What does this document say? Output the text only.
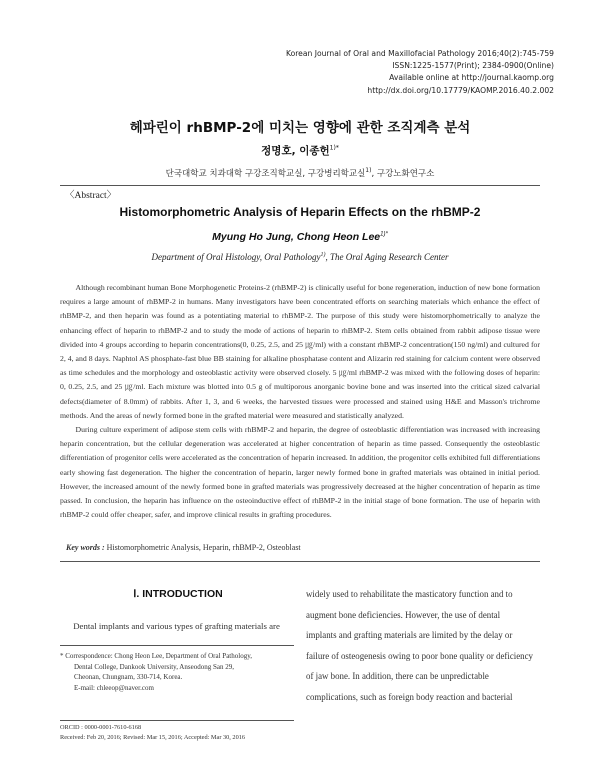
Korean Journal of Oral and Maxillofacial Pathology 2016;40(2):745-759
ISSN:1225-1577(Print); 2384-0900(Online)
Available online at http://journal.kaomp.org
http://dx.doi.org/10.17779/KAOMP.2016.40.2.002
헤파린이 rhBMP-2에 미치는 영향에 관한 조직계측 분석
정명호, 이종헌$^{1)*}$
단국대학교 치과대학 구강조직학교실, 구강병리학교실$^{1)}$, 구강노화연구소
〈Abstract〉
Histomorphometric Analysis of Heparin Effects on the rhBMP-2
Myung Ho Jung, Chong Heon Lee$^{1)*}$
Department of Oral Histology, Oral Pathology$^{1)}$, The Oral Aging Research Center

Although recombinant human Bone Morphogenetic Proteins-2 (rhBMP-2) is clinically useful for bone regeneration, induction of new bone formation requires a large amount of rhBMP-2 in humans. Many investigators have been concentrated efforts on searching materials which enhance the effect of rhBMP-2, and then heparin was found as a potentiating material to rhBMP-2. The purpose of this study were histomorphometrically to analyze the enhancing effect of heparin to rhBMP-2 and to study the mode of actions of heparin to rhBMP-2. Stem cells obtained from rabbit adipose tissue were divided into 4 groups according to heparin concentrations(0, 0.25, 2.5, and 25 ㎍/ml) with a constant rhBMP-2 concentration(150 ng/ml) and cultured for 2, 4, and 8 days. Naphtol AS phosphate-fast blue BB staining for alkaline phosphatase content and Alizarin red staining for calcium content were observed as time schedules and the morphology and osteoblastic activity were observed closely. 5 ㎍/ml rhBMP-2 was mixed with the following doses of heparin: 0, 0.25, 2.5, and 25 ㎍/ml. Each mixture was blotted into 0.5 g of multiporous anorganic bovine bone and was inserted into the critical sized calvarial defects(diameter of 8.0mm) of rabbits. After 1, 3, and 6 weeks, the harvested tissues were processed and stained using H&E and Masson's trichrome methods. And the areas of newly formed bone in the grafted material were measured and statistically analyzed.

During culture experiment of adipose stem cells with rhBMP-2 and heparin, the degree of osteoblastic differentiation was increased with increasing heparin concentration, but the cellular degeneration was accelerated at higher concentration of heparin as time passed. Consequently the osteoblastic differentiation of progenitor cells were accelerated as the concentration of heparin increased. In addition, the progenitor cells exhibited full differentiations early showing fast degeneration. The higher the concentration of heparin, larger newly formed bone in grafted materials was obtained in initial period. However, the increased amount of the newly formed bone in grafted materials was progressively decreased at the higher concentration of heparin as time passed. In conclusion, the heparin has influence on the osteoinductive effect of rhBMP-2 in the initial stage of bone formation. The use of heparin with rhBMP-2 could offer cheaper, safer, and improve clinical results in grafting procedures.

Key words : Histomorphometric Analysis, Heparin, rhBMP-2, Osteoblast
Ⅰ. INTRODUCTION
Dental implants and various types of grafting materials are

* Correspondence: Chong Heon Lee, Department of Oral Pathology,

Dental College, Dankook University, Anseodong San 29,

Cheonan, Chungnam, 330-714, Korea.

E-mail: chleeop@naver.com

ORCID : 0000-0001-7610-6168

Received: Feb 20, 2016; Revised: Mar 15, 2016; Accepted: Mar 30, 2016

widely used to rehabilitate the masticatory function and to
augment bone deficiencies. However, the use of dental
implants and grafting materials are limited by the delay or
failure of osteogenesis owing to poor bone quality or deficiency
of jaw bone. In addition, there can be unpredictable
complications, such as foreign body reaction and bacterial
